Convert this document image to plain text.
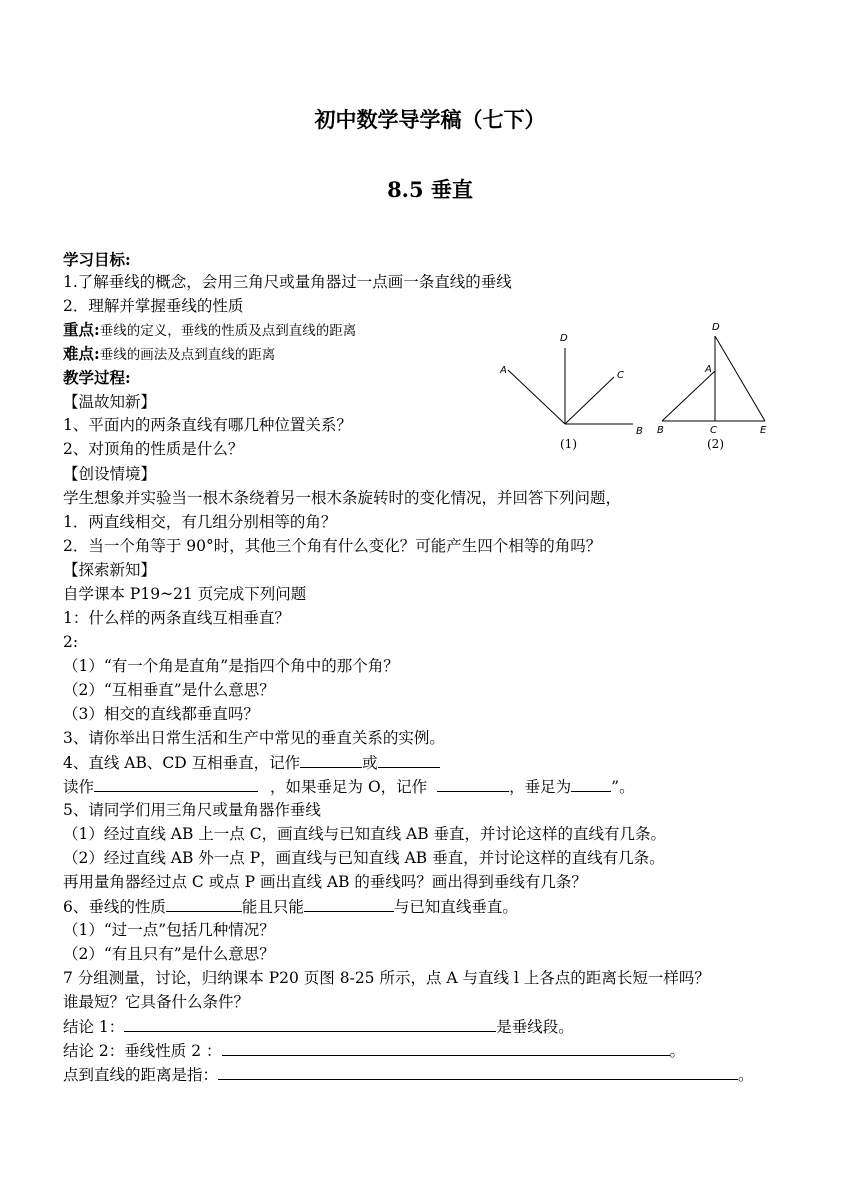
初中数学导学稿（七下）
8.5 垂直
学习目标:
1.了解垂线的概念，会用三角尺或量角器过一点画一条直线的垂线
2．理解并掌握垂线的性质
重点:垂线的定义，垂线的性质及点到直线的距离
难点:垂线的画法及点到直线的距离
教学过程:
【温故知新】
1、平面内的两条直线有哪几种位置关系？
2、对顶角的性质是什么？
【创设情境】
学生想象并实验当一根木条绕着另一根木条旋转时的变化情况，并回答下列问题，
1．两直线相交，有几组分别相等的角？
2．当一个角等于 90°时，其他三个角有什么变化？可能产生四个相等的角吗？
【探索新知】
自学课本 P19~21 页完成下列问题
1：什么样的两条直线互相垂直？
2:
（1）“有一个角是直角”是指四个角中的那个角？
（2）“互相垂直”是什么意思？
（3）相交的直线都垂直吗？
3、请你举出日常生活和生产中常见的垂直关系的实例。
4、直线 AB、CD 互相垂直，记作	或
读作	，如果垂足为 O，记作	，垂足为	”。
5、请同学们用三角尺或量角器作垂线
（1）经过直线 AB 上一点 C，画直线与已知直线 AB 垂直，并讨论这样的直线有几条。
（2）经过直线 AB 外一点 P，画直线与已知直线 AB 垂直，并讨论这样的直线有几条。
再用量角器经过点 C 或点 P 画出直线 AB 的垂线吗？画出得到垂线有几条？
6、垂线的性质	能且只能	与已知直线垂直。
（1）“过一点”包括几种情况？
（2）“有且只有”是什么意思？
7 分组测量，讨论，归纳课本 P20 页图 8-25 所示，点 A 与直线 l 上各点的距离长短一样吗？
谁最短？它具备什么条件？
结论 1：	是垂线段。
结论 2：垂线性质 2 ：	。
点到直线的距离是指：	。
A
D
C
B
(1)
D
A
B	C	E
(2)
